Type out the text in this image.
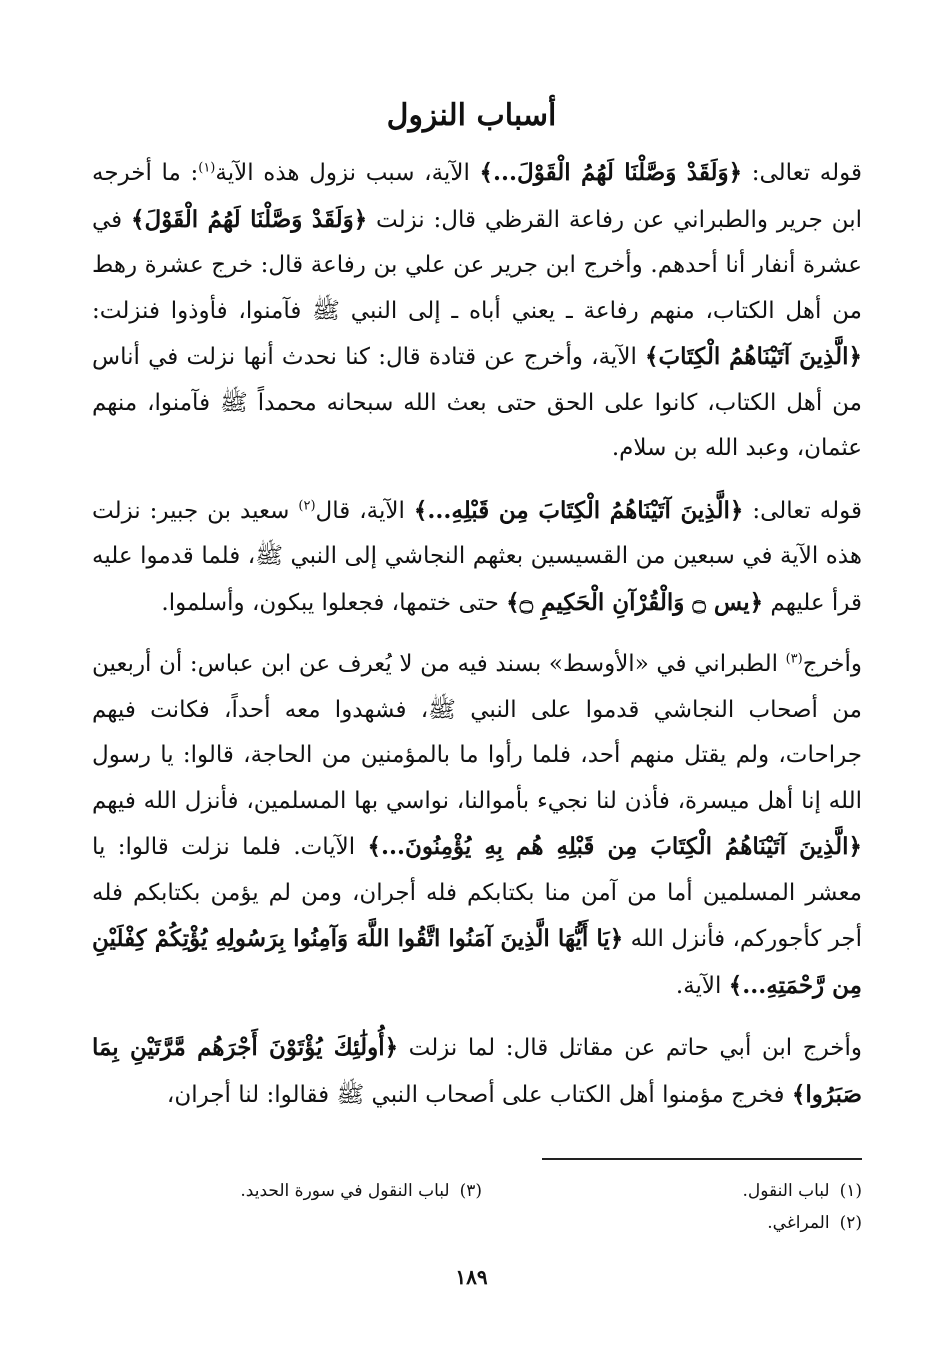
أسباب النزول

قوله تعالى: ﴿وَلَقَدْ وَصَّلْنَا لَهُمُ الْقَوْلَ...﴾ الآية، سبب نزول هذه الآية$^{(١)}$: ما أخرجه ابن جرير والطبراني عن رفاعة القرظي قال: نزلت ﴿وَلَقَدْ وَصَّلْنَا لَهُمُ الْقَوْلَ﴾ في عشرة أنفار أنا أحدهم. وأخرج ابن جرير عن علي بن رفاعة قال: خرج عشرة رهط من أهل الكتاب، منهم رفاعة ـ يعني أباه ـ إلى النبي ﷺ فآمنوا، فأوذوا فنزلت: ﴿الَّذِينَ آتَيْنَاهُمُ الْكِتَابَ﴾ الآية، وأخرج عن قتادة قال: كنا نحدث أنها نزلت في أناس من أهل الكتاب، كانوا على الحق حتى بعث الله سبحانه محمداً ﷺ فآمنوا، منهم عثمان، وعبد الله بن سلام.

قوله تعالى: ﴿الَّذِينَ آتَيْنَاهُمُ الْكِتَابَ مِن قَبْلِهِ...﴾ الآية، قال$^{(٢)}$ سعيد بن جبير: نزلت هذه الآية في سبعين من القسيسين بعثهم النجاشي إلى النبي ﷺ، فلما قدموا عليه قرأ عليهم ﴿يس ۝ وَالْقُرْآنِ الْحَكِيمِ ۝﴾ حتى ختمها، فجعلوا يبكون، وأسلموا.

وأخرج$^{(٣)}$ الطبراني في «الأوسط» بسند فيه من لا يُعرف عن ابن عباس: أن أربعين من أصحاب النجاشي قدموا على النبي ﷺ، فشهدوا معه أحداً، فكانت فيهم جراحات، ولم يقتل منهم أحد، فلما رأوا ما بالمؤمنين من الحاجة، قالوا: يا رسول الله إنا أهل ميسرة، فأذن لنا نجيء بأموالنا، نواسي بها المسلمين، فأنزل الله فيهم ﴿الَّذِينَ آتَيْنَاهُمُ الْكِتَابَ مِن قَبْلِهِ هُم بِهِ يُؤْمِنُونَ...﴾ الآيات. فلما نزلت قالوا: يا معشر المسلمين أما من آمن منا بكتابكم فله أجران، ومن لم يؤمن بكتابكم فله أجر كأجوركم، فأنزل الله ﴿يَا أَيُّهَا الَّذِينَ آمَنُوا اتَّقُوا اللَّهَ وَآمِنُوا بِرَسُولِهِ يُؤْتِكُمْ كِفْلَيْنِ مِن رَّحْمَتِهِ...﴾ الآية.

وأخرج ابن أبي حاتم عن مقاتل قال: لما نزلت ﴿أُولَٰئِكَ يُؤْتَوْنَ أَجْرَهُم مَّرَّتَيْنِ بِمَا صَبَرُوا﴾ فخرج مؤمنوا أهل الكتاب على أصحاب النبي ﷺ فقالوا: لنا أجران،

(١)لباب النقول.
(٢)المراغي.
(٣)لباب النقول في سورة الحديد.
١٨٩
